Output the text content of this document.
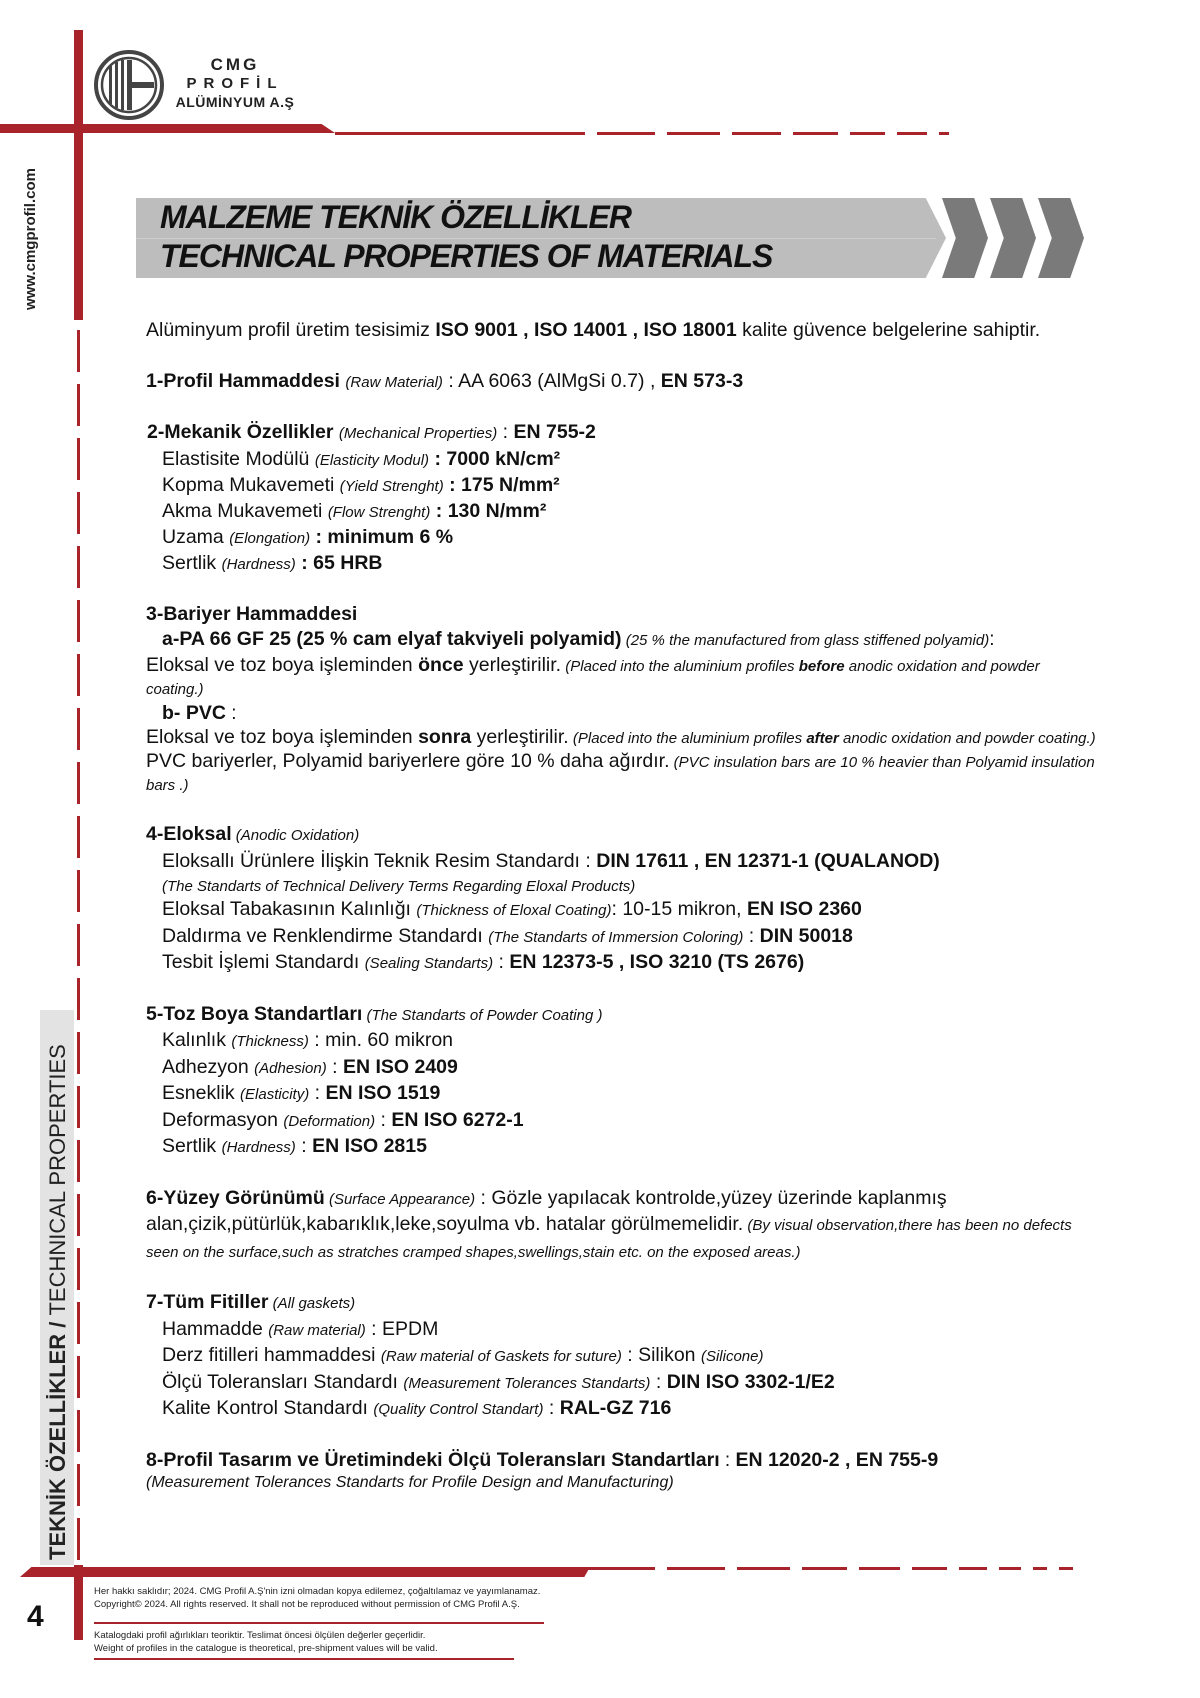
CMG
PROFİL
ALÜMİNYUM A.Ş
www.cmgprofil.com	MALZEME TEKNİK ÖZELLİKLER
TECHNICAL PROPERTIES OF MATERIALS

Alüminyum profil üretim tesisimiz ISO 9001 , ISO 14001 , ISO 18001 kalite güvence belgelerine sahiptir.

1-Profil Hammaddesi (Raw Material) : AA 6063 (AlMgSi 0.7) , EN 573-3

2-Mekanik Özellikler (Mechanical Properties) : EN 755-2

Elastisite Modülü (Elasticity Modul) : 7000 kN/cm²

Kopma Mukavemeti (Yield Strenght) : 175 N/mm²

Akma Mukavemeti (Flow Strenght) : 130 N/mm²

Uzama (Elongation) : minimum 6 %

Sertlik (Hardness) : 65 HRB

3-Bariyer Hammaddesi

a-PA 66 GF 25 (25 % cam elyaf takviyeli polyamid) (25 % the manufactured from glass stiffened polyamid):

Eloksal ve toz boya işleminden önce yerleştirilir. (Placed into the aluminium profiles before anodic oxidation and powder coating.)

b- PVC :

Eloksal ve toz boya işleminden sonra yerleştirilir. (Placed into the aluminium profiles after anodic oxidation and powder coating.)

PVC bariyerler, Polyamid bariyerlere göre 10 % daha ağırdır. (PVC insulation bars are 10 % heavier than Polyamid insulation bars .)

4-Eloksal (Anodic Oxidation)

Eloksallı Ürünlere İlişkin Teknik Resim Standardı : DIN 17611 , EN 12371-1 (QUALANOD)

(The Standarts of Technical Delivery Terms Regarding Eloxal Products)

Eloksal Tabakasının Kalınlığı (Thickness of Eloxal Coating): 10-15 mikron, EN ISO 2360

Daldırma ve Renklendirme Standardı (The Standarts of Immersion Coloring) : DIN 50018

Tesbit İşlemi Standardı (Sealing Standarts) : EN 12373-5 , ISO 3210 (TS 2676)

5-Toz Boya Standartları (The Standarts of Powder Coating )

Kalınlık (Thickness) : min. 60 mikron

Adhezyon (Adhesion) : EN ISO 2409

Esneklik (Elasticity) : EN ISO 1519

Deformasyon (Deformation) : EN ISO 6272-1

Sertlik (Hardness) : EN ISO 2815

6-Yüzey Görünümü (Surface Appearance) : Gözle yapılacak kontrolde,yüzey üzerinde kaplanmış alan,çizik,pütürlük,kabarıklık,leke,soyulma vb. hatalar görülmemelidir. (By visual observation,there has been no defects seen on the surface,such as stratches cramped shapes,swellings,stain etc. on the exposed areas.)

7-Tüm Fitiller (All gaskets)

Hammadde (Raw material) : EPDM

Derz fitilleri hammaddesi (Raw material of Gaskets for suture) : Silikon (Silicone)

Ölçü Toleransları Standardı (Measurement Tolerances Standarts) : DIN ISO 3302-1/E2

Kalite Kontrol Standardı (Quality Control Standart) : RAL-GZ 716

8-Profil Tasarım ve Üretimindeki Ölçü Toleransları Standartları : EN 12020-2 , EN 755-9

(Measurement Tolerances Standarts for Profile Design and Manufacturing)

TEKNİK ÖZELLİKLER / TECHNICAL PROPERTIES
4
Her hakkı saklıdır; 2024. CMG Profil A.Ş'nin izni olmadan kopya edilemez, çoğaltılamaz ve yayımlanamaz.
Copyright© 2024. All rights reserved. It shall not be reproduced without permission of CMG Profil A.Ş.
Katalogdaki profil ağırlıkları teoriktir. Teslimat öncesi ölçülen değerler geçerlidir.
Weight of profiles in the catalogue is theoretical, pre-shipment values will be valid.
